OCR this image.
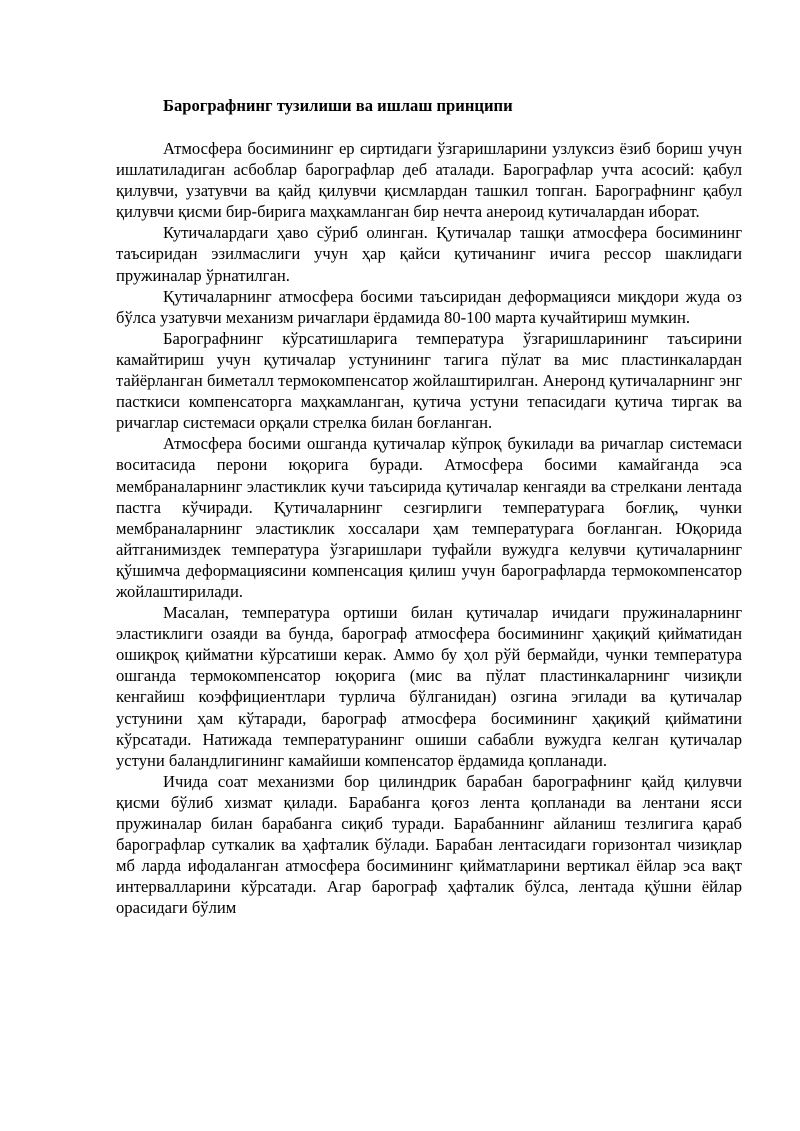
Барографнинг тузилиши ва ишлаш принципи

Атмосфера босимининг ер сиртидаги ўзгаришларини узлуксиз ёзиб бориш учун ишлатиладиган асбоблар барографлар деб аталади. Барографлар учта асосий: қабул қилувчи, узатувчи ва қайд қилувчи қисмлардан ташкил топган. Барографнинг қабул қилувчи қисми бир-бирига маҳкамланган бир нечта анероид кутичалардан иборат.

Кутичалардаги ҳаво сўриб олинган. Қутичалар ташқи атмосфера босимининг таъсиридан эзилмаслиги учун ҳар қайси қутичанинг ичига рессор шаклидаги пружиналар ўрнатилган.

Қутичаларнинг атмосфера босими таъсиридан деформацияси миқдори жуда оз бўлса узатувчи механизм ричаглари ёрдамида 80-100 марта кучайтириш мумкин.

Барографнинг кўрсатишларига температура ўзгаришларининг таъсирини камайтириш учун қутичалар устунининг тагига пўлат ва мис пластинкалардан тайёрланган биметалл термокомпенсатор жойлаштирилган. Анеронд қутичаларнинг энг пасткиси компенсаторга маҳкамланган, қутича устуни тепасидаги қутича тиргак ва ричаглар системаси орқали стрелка билан боғланган.

Атмосфера босими ошганда қутичалар кўпроқ букилади ва ричаглар системаси воситасида перони юқорига буради. Атмосфера босими камайганда эса мембраналарнинг эластиклик кучи таъсирида қутичалар кенгаяди ва стрелкани лентада пастга кўчиради. Қутичаларнинг сезгирлиги температурага боғлиқ, чунки мембраналарнинг эластиклик хоссалари ҳам температурага боғланган. Юқорида айтганимиздек температура ўзгаришлари туфайли вужудга келувчи қутичаларнинг қўшимча деформациясини компенсация қилиш учун барографларда термокомпенсатор жойлаштирилади.

Масалан, температура ортиши билан қутичалар ичидаги пружиналарнинг эластиклиги озаяди ва бунда, барограф атмосфера босимининг ҳақиқий қийматидан ошиқроқ қийматни кўрсатиши керак. Аммо бу ҳол рўй бермайди, чунки температура ошганда термокомпенсатор юқорига (мис ва пўлат пластинкаларнинг чизиқли кенгайиш коэффициентлари турлича бўлганидан) озгина эгилади ва қутичалар устунини ҳам кўтаради, барограф атмосфера босимининг ҳақиқий қийматини кўрсатади. Натижада температуранинг ошиши сабабли вужудга келган қутичалар устуни баландлигининг камайиши компенсатор ёрдамида қопланади.

Ичида соат механизми бор цилиндрик барабан барографнинг қайд қилувчи қисми бўлиб хизмат қилади. Барабанга қоғоз лента қопланади ва лентани ясси пружиналар билан барабанга сиқиб туради. Барабаннинг айланиш тезлигига қараб барографлар суткалик ва ҳафталик бўлади. Барабан лентасидаги горизонтал чизиқлар мб ларда ифодаланган атмосфера босимининг қийматларини вертикал ёйлар эса вақт интервалларини кўрсатади. Агар барограф ҳафталик бўлса, лентада қўшни ёйлар орасидаги бўлим
